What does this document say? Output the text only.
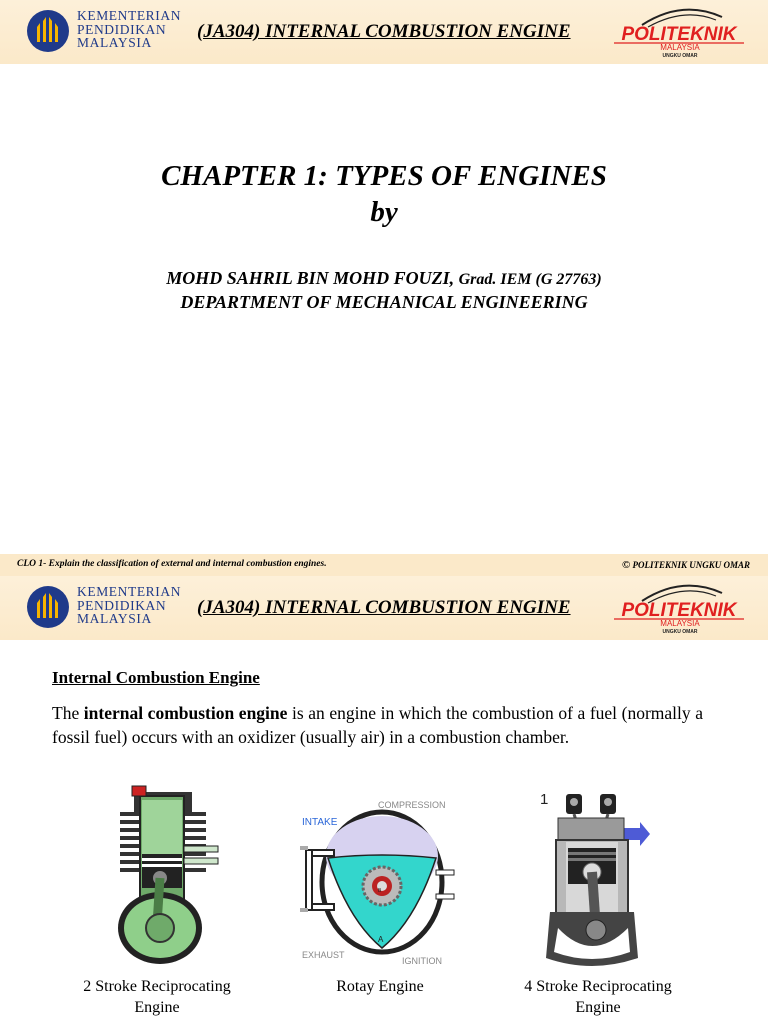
KEMENTERIAN
PENDIDIKAN
MALAYSIA
(JA304) INTERNAL COMBUSTION ENGINE	POLITEKNIK
MALAYSIA
UNGKU OMAR
CHAPTER 1: TYPES OF ENGINES
by
MOHD SAHRIL BIN MOHD FOUZI, Grad. IEM (G 27763)
DEPARTMENT OF MECHANICAL ENGINEERING
CLO 1- Explain the classification of external and internal combustion engines.	© POLITEKNIK UNGKU OMAR
KEMENTERIAN
PENDIDIKAN
MALAYSIA
(JA304) INTERNAL COMBUSTION ENGINE	POLITEKNIK
MALAYSIA
UNGKU OMAR
Internal Combustion Engine
The internal combustion engine is an engine in which the combustion of a fuel (normally a fossil fuel) occurs with an oxidizer (usually air) in a combustion chamber.
2 Stroke Reciprocating
Engine
COMPRESSION
INTAKE
B
A
EXHAUST
IGNITION
Rotay Engine
1
4 Stroke Reciprocating
Engine
